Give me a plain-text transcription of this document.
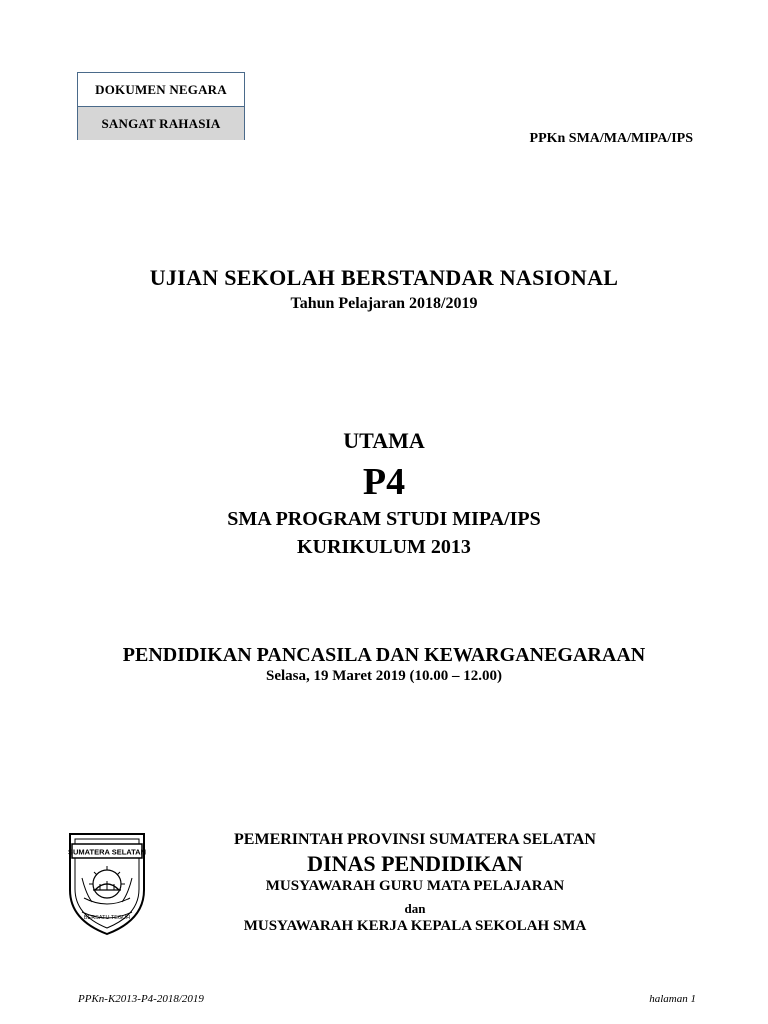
DOKUMEN NEGARA
SANGAT RAHASIA
PPKn SMA/MA/MIPA/IPS
UJIAN SEKOLAH BERSTANDAR NASIONAL
Tahun Pelajaran 2018/2019
UTAMA
P4
SMA PROGRAM STUDI MIPA/IPS
KURIKULUM 2013
PENDIDIKAN PANCASILA DAN KEWARGANEGARAAN
Selasa, 19 Maret 2019 (10.00 – 12.00)
SUMATERA SELATAN
BERSATU TEGUH
PEMERINTAH PROVINSI SUMATERA SELATAN
DINAS PENDIDIKAN
MUSYAWARAH GURU MATA PELAJARAN
dan
MUSYAWARAH KERJA KEPALA SEKOLAH SMA
PPKn-K2013-P4-2018/2019	halaman 1
